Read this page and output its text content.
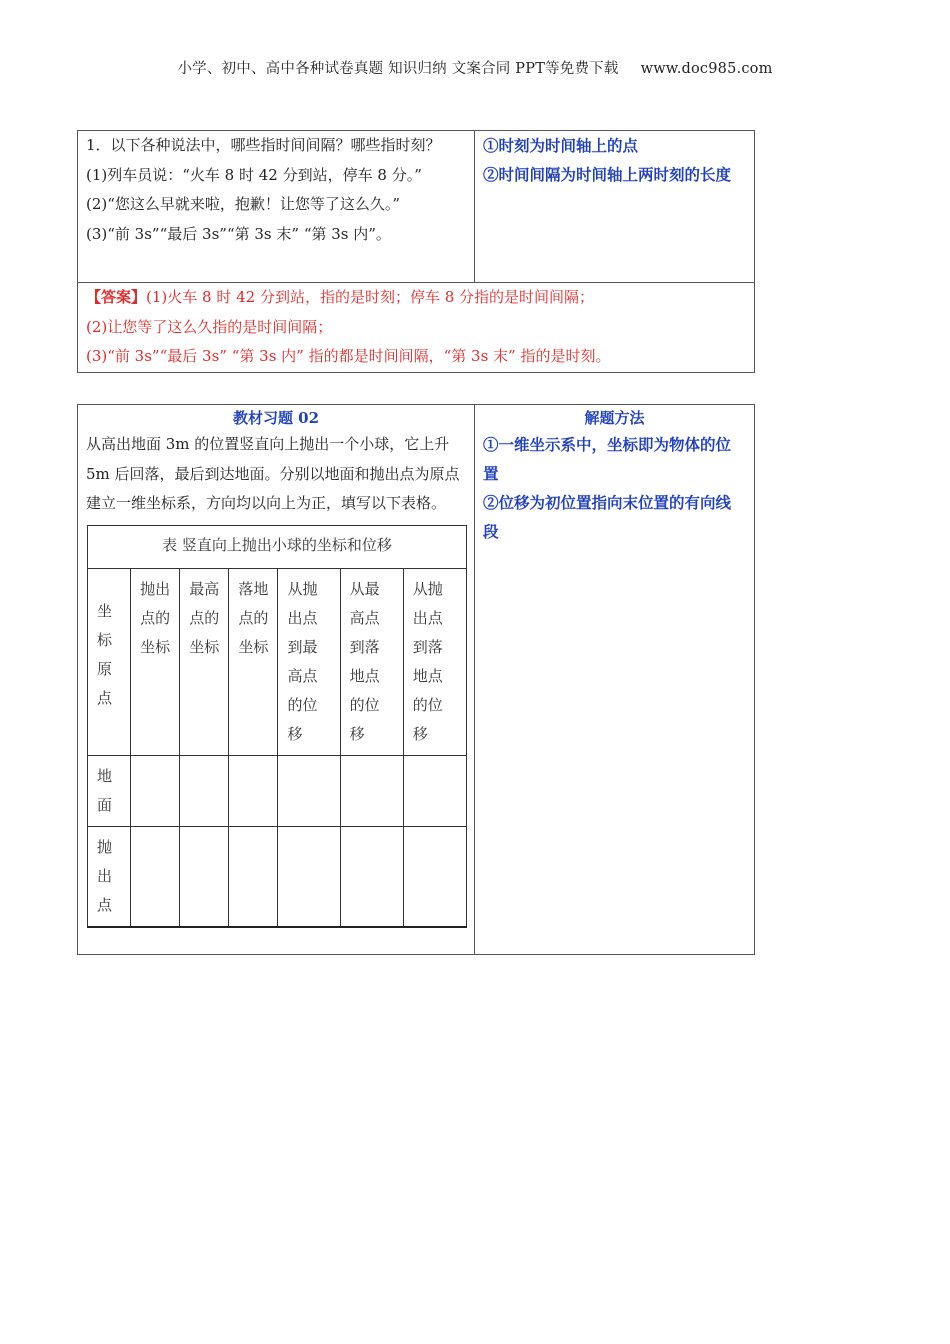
小学、初中、高中各种试卷真题 知识归纳 文案合同 PPT等免费下载 www.doc985.com
1．以下各种说法中，哪些指时间间隔？哪些指时刻？
(1)列车员说：“火车 8 时 42 分到站，停车 8 分。”
(2)“您这么早就来啦，抱歉！让您等了这么久。”
(3)“前 3s”“最后 3s”“第 3s 末” “第 3s 内”。

①时刻为时间轴上的点
②时间间隔为时间轴上两时刻的长度

【答案】(1)火车 8 时 42 分到站，指的是时刻；停车 8 分指的是时间间隔；
(2)让您等了这么久指的是时间间隔；
(3)“前 3s”“最后 3s” “第 3s 内” 指的都是时间间隔，“第 3s 末” 指的是时刻。
教材习题 02
从高出地面 3m 的位置竖直向上抛出一个小球，它上升 5m 后回落，最后到达地面。分别以地面和抛出点为原点建立一维坐标系，方向均以向上为正，填写以下表格。
表 竖直向上抛出小球的坐标和位移
坐标原点	抛出点的坐标	最高点的坐标	落地点的坐标	从抛出点到最高点的位移	从最高点到落地点的位移	从抛出点到落地点的位移
地面						
抛出点						

解题方法
①一维坐示系中，坐标即为物体的位置
②位移为初位置指向末位置的有向线段
